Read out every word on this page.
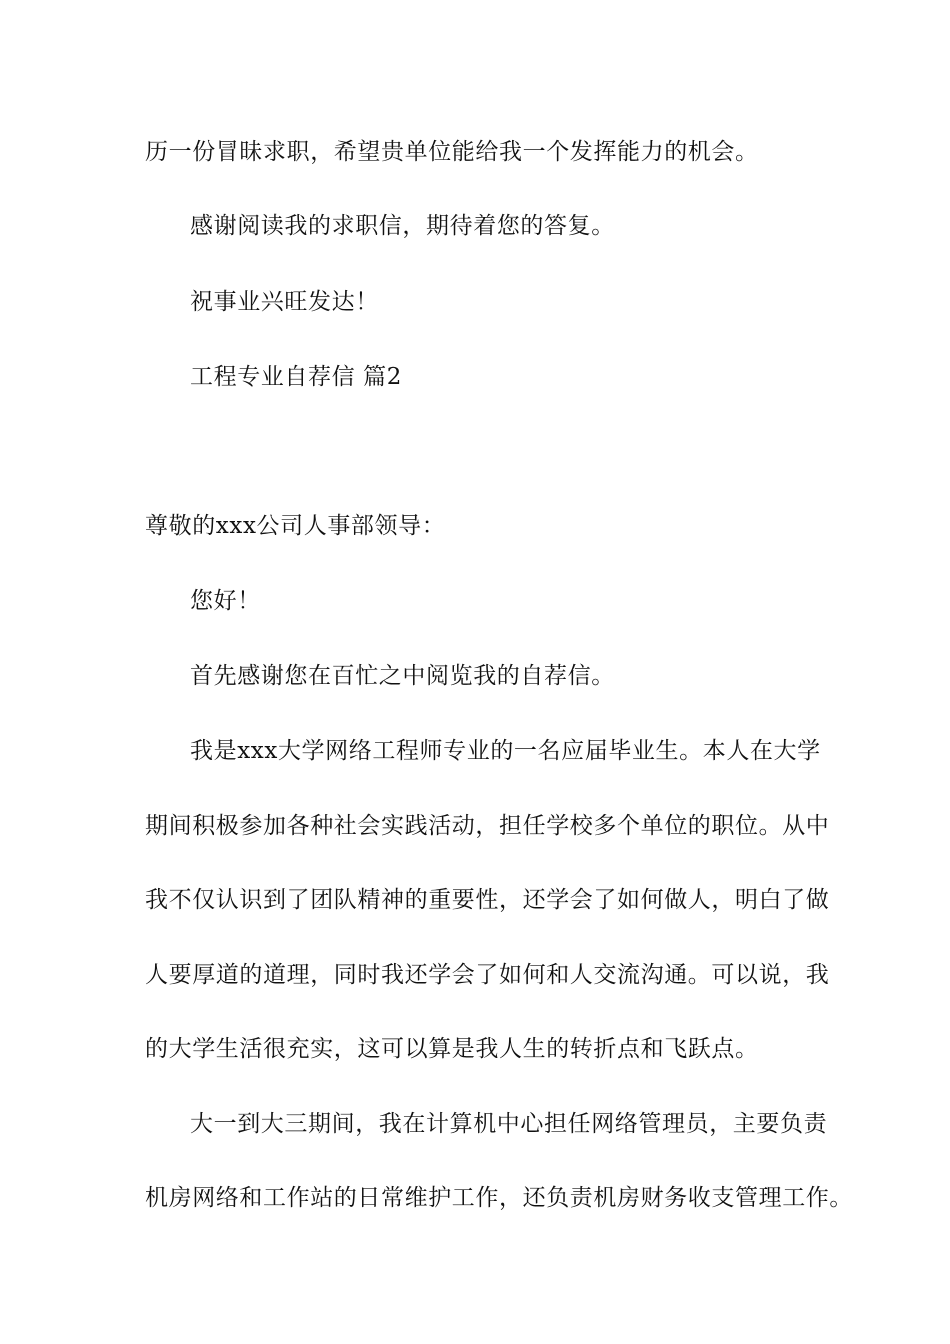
历一份冒昧求职，希望贵单位能给我一个发挥能力的机会。
感谢阅读我的求职信，期待着您的答复。
祝事业兴旺发达！
工程专业自荐信 篇2
尊敬的xxx公司人事部领导：
您好！
首先感谢您在百忙之中阅览我的自荐信。
我是xxx大学网络工程师专业的一名应届毕业生。本人在大学
期间积极参加各种社会实践活动，担任学校多个单位的职位。从中
我不仅认识到了团队精神的重要性，还学会了如何做人，明白了做
人要厚道的道理，同时我还学会了如何和人交流沟通。可以说，我
的大学生活很充实，这可以算是我人生的转折点和飞跃点。
大一到大三期间，我在计算机中心担任网络管理员，主要负责
机房网络和工作站的日常维护工作，还负责机房财务收支管理工作。
